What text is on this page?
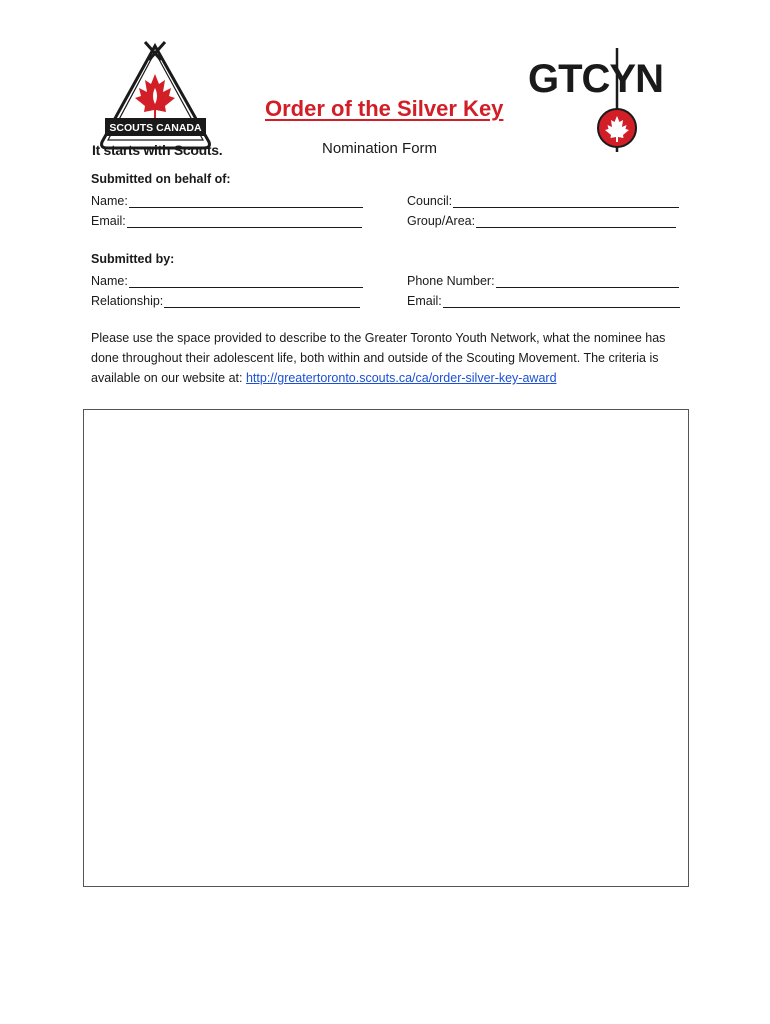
SCOUTS CANADA
It starts with Scouts.
Order of the Silver Key
Nomination Form
GTCYN
Submitted on behalf of:
Name:
Email:
Council:
Group/Area:
Submitted by:
Name:
Relationship:
Phone Number:
Email:
Please use the space provided to describe to the Greater Toronto Youth Network, what the nominee has done throughout their adolescent life, both within and outside of the Scouting Movement. The criteria is available on our website at: http://greatertoronto.scouts.ca/ca/order-silver-key-award
